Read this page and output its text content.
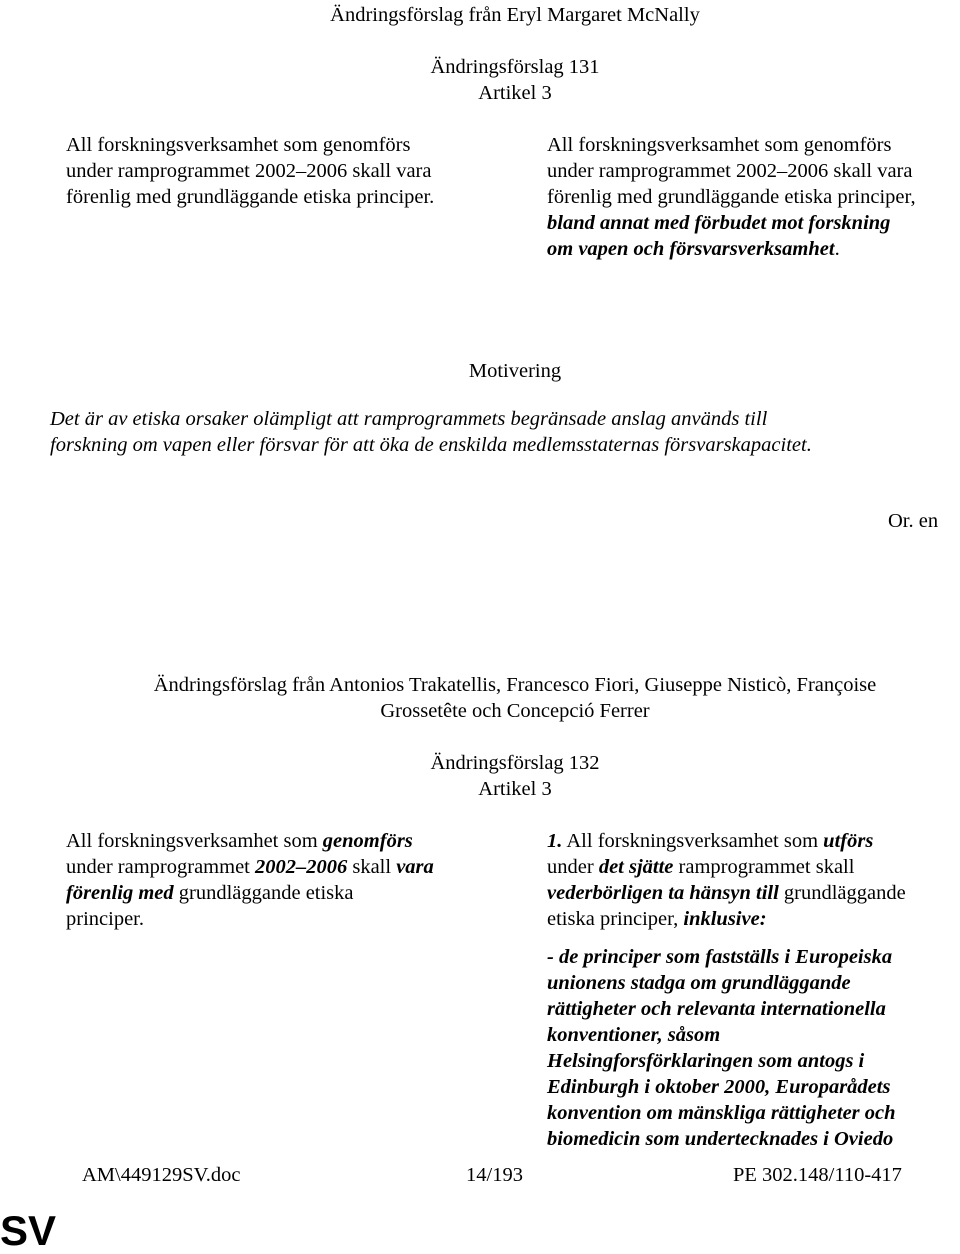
Ändringsförslag från Eryl Margaret McNally
Ändringsförslag 131
Artikel 3

All forskningsverksamhet som genomförs

under ramprogrammet 2002–2006 skall vara

förenlig med grundläggande etiska principer.

All forskningsverksamhet som genomförs

under ramprogrammet 2002–2006 skall vara

förenlig med grundläggande etiska principer,

bland annat med förbudet mot forskning

om vapen och försvarsverksamhet.

Motivering

Det är av etiska orsaker olämpligt att ramprogrammets begränsade anslag används till

forskning om vapen eller försvar för att öka de enskilda medlemsstaternas försvarskapacitet.

Or. en
Ändringsförslag från Antonios Trakatellis, Francesco Fiori, Giuseppe Nisticò, Françoise
Grossetête och Concepció Ferrer
Ändringsförslag 132
Artikel 3

All forskningsverksamhet som genomförs

under ramprogrammet 2002–2006 skall vara

förenlig med grundläggande etiska

principer.

1. All forskningsverksamhet som utförs

under det sjätte ramprogrammet skall

vederbörligen ta hänsyn till grundläggande

etiska principer, inklusive:

- de principer som fastställs i Europeiska

unionens stadga om grundläggande

rättigheter och relevanta internationella

konventioner, såsom

Helsingforsförklaringen som antogs i

Edinburgh i oktober 2000, Europarådets

konvention om mänskliga rättigheter och

biomedicin som undertecknades i Oviedo

AM\449129SV.doc	14/193	PE 302.148/110-417
SV
